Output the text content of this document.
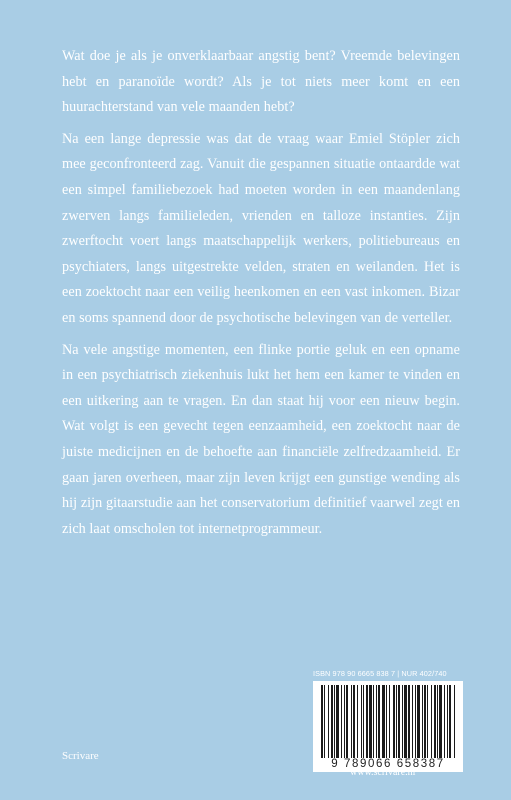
Wat doe je als je onverklaarbaar angstig bent? Vreemde belevingen hebt en paranoïde wordt? Als je tot niets meer komt en een huurachterstand van vele maanden hebt?

Na een lange depressie was dat de vraag waar Emiel Stöpler zich mee geconfronteerd zag. Vanuit die gespannen situatie ontaardde wat een simpel familiebezoek had moeten worden in een maandenlang zwerven langs familieleden, vrienden en talloze instanties. Zijn zwerftocht voert langs maatschappelijk werkers, politiebureaus en psychiaters, langs uitgestrekte velden, straten en weilanden. Het is een zoektocht naar een veilig heenkomen en een vast inkomen. Bizar en soms spannend door de psychotische belevingen van de verteller.

Na vele angstige momenten, een flinke portie geluk en een opname in een psychiatrisch ziekenhuis lukt het hem een kamer te vinden en een uitkering aan te vragen. En dan staat hij voor een nieuw begin. Wat volgt is een gevecht tegen eenzaamheid, een zoektocht naar de juiste medicijnen en de behoefte aan financiële zelfredzaamheid. Er gaan jaren overheen, maar zijn leven krijgt een gunstige wending als hij zijn gitaarstudie aan het conservatorium definitief vaarwel zegt en zich laat omscholen tot internetprogrammeur.

Scrivare
ISBN 978 90 6665 838 7 | NUR 402/740
9 789066 658387
www.scrivare.nl
